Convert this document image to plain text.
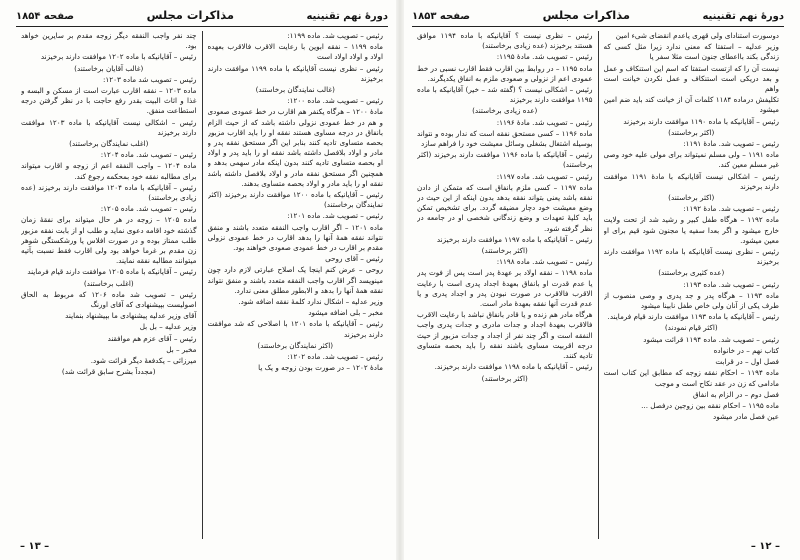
دورهٔ نهم تقنینیه
مذاکرات مجلس
صفحه ۱۸۵۳

دوسورت استنادای ولی قهری یاعدم انقضای شیء امین

وزیر عدلیه – استفتا که معنی ندارد زیرا مثل کسی که زندگی بکند بااعطای جنون است مثلا سفر یا

نیست آن را که ازتست استفتا که اسم این استنکاف و عمل و بعد دریکی است استنکاف و عمل نکردن خیانت است واهم

تکلیفش درماده ۱۱۸۴ کلمات آن از خیانت کند باید ضم امین میشود

رئیس – آقایانیکه با ماده ۱۱۹۰ موافقت دارند برخیزند

(اکثر برخاستند)

رئیس – تصویب شد. مادهٔ ۱۱۹۱:

ماده ۱۱۹۱ – ولی مسلم نمیتواند برای مولی علیه خود وصی غیر مسلم معین کند.

رئیس – اشکالی نیست آقایانیکه با مادهٔ ۱۱۹۱ موافقت دارند برخیزند

(اکثر برخاستند)

رئیس – تصویب شد. مادهٔ ۱۱۹۲:

ماده ۱۱۹۲ – هرگاه طفل کبیر و رشید شد از تحت ولایت خارج میشود و اگر بعدا سفیه یا مجنون شود قیم برای او معین میشود.

رئیس – نظری نیست آقایانیکه با ماده ۱۱۹۲ موافقت دارند برخیزند

(عده کثیری برخاستند)

رئیس – تصویب شد. ماده ۱۱۹۳:

ماده ۱۱۹۳ – هرگاه پدر و جد پدری و وصی منصوب از طرف یکی از آنان ولی خاص طفل نابینا میشود

رئیس – آقایانیکه با ماده ۱۱۹۳ موافقت دارند قیام فرمایند.

(اکثر قیام نمودند)

رئیس – تصویب شد. ماده ۱۱۹۴ قرائت میشود

کتاب نهم – در خانواده

فصل اول – در قرابت

ماده ۱۱۹۴ – احکام نفقه زوجه که مطابق این کتاب است مادامی که زن در عقد نکاح است و موجب

فصل دوم – در الزام به انفاق

ماده ۱۱۹۵ – احکام نفقه بین زوجین درفصل ...

عین فصل مادر میشود

رئیس – نظری نیست ؟ آقایانیکه با ماده ۱۱۹۴ موافق هستند برخیزند (عده زیادی برخاستند)

رئیس – تصویب شد. مادهٔ ۱۱۹۵:

ماده ۱۱۹۵ – در روابط بین اقارب فقط اقارب نسبی در خط عمودی اعم از نزولی و صعودی ملزم به انفاق یکدیگرند.

رئیس – اشکالی نیست ؟ (گفته شد – خیر) آقایانیکه با ماده ۱۱۹۵ موافقت دارند برخیزند

(عده زیادی برخاستند)

رئیس – تصویب شد. مادهٔ ۱۱۹۶:

ماده ۱۱۹۶ – کسی مستحق نفقه است که ندار بوده و نتواند بوسیله اشتغال بشغلی وسائل معیشت خود را فراهم سازد

رئیس – آقایانیکه با ماده ۱۱۹۶ موافقت دارند برخیزند (اکثر برخاستند)

رئیس – تصویب شد. ماده ۱۱۹۷:

ماده ۱۱۹۷ – کسی ملزم بانفاق است که متمکن از دادن نفقه باشد یعنی بتواند نفقه بدهد بدون اینکه از این حیث در وضع معیشت خود دچار مضیقه گردد. برای تشخیص تمکن باید کلیهٔ تعهدات و وضع زندگانی شخصی او در جامعه در نظر گرفته شود.

رئیس – آقایانیکه با ماده ۱۱۹۷ موافقت دارند برخیزند

(اکثر برخاستند)

رئیس – تصویب شد. ماده ۱۱۹۸:

ماده ۱۱۹۸ – نفقه اولاد بر عهدهٔ پدر است پس از فوت پدر یا عدم قدرت او بانفاق بعهدهٔ اجداد پدری است با رعایت الاقرب فالاقرب در صورت نبودن پدر و اجداد پدری و یا عدم قدرت آنها نفقه بعهدهٔ مادر است.

هرگاه مادر هم زنده و یا قادر بانفاق نباشد با رعایت الاقرب فالاقرب بعهدهٔ اجداد و جدات مادری و جدات پدری واجب النفقه است و اگر چند نفر از اجداد و جدات مزبور از حیث درجه اقربیت مساوی باشند نفقه را باید بحصه متساوی تادیه کنند.

رئیس – آقایانیکه با ماده ۱۱۹۸ موافقت دارند برخیزند.

(اکثر برخاستند)

– ۱۲ –
دورهٔ نهم تقنینیه
مذاکرات مجلس
صفحه ۱۸۵۴

رئیس – تصویب شد. ماده ۱۱۹۹:

ماده ۱۱۹۹ – نفقه ابوین با رعایت الاقرب فالاقرب بعهده اولاد و اولاد اولاد است

رئیس – نظری نیست آقایانیکه با ماده ۱۱۹۹ موافقت دارند برخیزند

(غالب نمایندگان برخاستند)

رئیس – تصویب شد. ماده ۱۲۰۰:

مادهٔ ۱۲۰۰ – هرگاه یکنفر هم اقارب در خط عمودی صعودی و هم در خط عمودی نزولی داشته باشد که از حیث الزام بانفاق در درجه مساوی هستند نفقه او را باید اقارب مزبور بحصه متساوی تادیه کنند بنابر این اگر مستحق نفقه پدر و مادر و اولاد بلافصل داشته باشد نفقه او را باید پدر و اولاد او بحصه متساوی تادیه کنند بدون اینکه مادر سهمی بدهد و همچنین اگر مستحق نفقه مادر و اولاد بلافصل داشته باشد نفقه او را باید مادر و اولاد بحصه متساوی بدهند.

رئیس – آقایانیکه با ماده ۱۲۰۰ موافقت دارند برخیزند (اکثر نمایندگان برخاستند)

رئیس – تصویب شد. ماده ۱۲۰۱:

ماده ۱۲۰۱ – اگر اقارب واجب النفقه متعدد باشند و منفق نتواند نفقه همهٔ آنها را بدهد اقارب در خط عمودی نزولی مقدم بر اقارب در خط عمودی صعودی خواهند بود.

رئیس – آقای روحی

روحی – عرض کنم اینجا یک اصلاح عبارتی لازم دارد چون مینویسد اگر اقارب واجب النفقه متعدد باشند و منفق نتواند نفقه همهٔ آنها را بدهد و الابطور مطلق معنی ندارد.

وزیر عدلیه – اشکال ندارد کلمهٔ نفقه اضافه شود.

مخبر – بلی اضافه میشود

رئیس – آقایانیکه با ماده ۱۲۰۱ با اصلاحی که شد موافقت دارند برخیزند

(اکثر نمایندگان برخاستند)

رئیس – تصویب شد. ماده ۱۲۰۲:

مادهٔ ۱۲۰۲ – در صورت بودن زوجه و یک یا

چند نفر واجب النفقه دیگر زوجه مقدم بر سایرین خواهد بود.

رئیس – آقایانیکه با ماده ۱۲۰۲ موافقت دارند برخیزند

(غالب آقایان برخاستند)

رئیس – تصویب شد ماده ۱۲۰۳:

ماده ۱۲۰۳ – نفقه اقارب عبارت است از مسکن و البسه و غذا و اثاث البیت بقدر رفع حاجت با در نظر گرفتن درجه استطاعت منفق.

رئیس – اشکالی نیست آقایانیکه با ماده ۱۲۰۳ موافقت دارند برخیزند

(اغلب نمایندگان برخاستند)

رئیس – تصویب شد. ماده ۱۲۰۴:

ماده ۱۲۰۴ – واجب النفقه اعم از زوجه و اقارب میتواند برای مطالبه نفقه خود بمحکمه رجوع کند.

رئیس – آقایانیکه با ماده ۱۲۰۴ موافقت دارند برخیزند (عده زیادی برخاستند)

رئیس – تصویب شد. ماده ۱۲۰۵:

ماده ۱۲۰۵ – زوجه در هر حال میتواند برای نفقهٔ زمان گذشته خود اقامه دعوی نماید و طلب او از بابت نفقه مزبور طلب ممتاز بوده و در صورت افلاس یا ورشکستگی شوهر زن مقدم بر غرما خواهد بود ولی اقارب فقط نسبت بآتیه میتوانند مطالبه نفقه نمایند.

رئیس – آقایانیکه با ماده ۱۲۰۵ موافقت دارند قیام فرمایند

(اغلب برخاستند)

رئیس – تصویب شد ماده ۱۲۰۶ که مربوط به الحاق اصولیست بپیشنهادی که آقای اورنگ

آقای وزیر عدلیه پیشنهادی ما بپیشنهاد بنمایند

وزیر عدلیه – بل بل

رئیس – آقای عزم هم موافقند

مخبر – بل

میرزائی – یکدفعهٔ دیگر قرائت شود.

(مجدداً بشرح سابق قرائت شد)

– ۱۳ –
